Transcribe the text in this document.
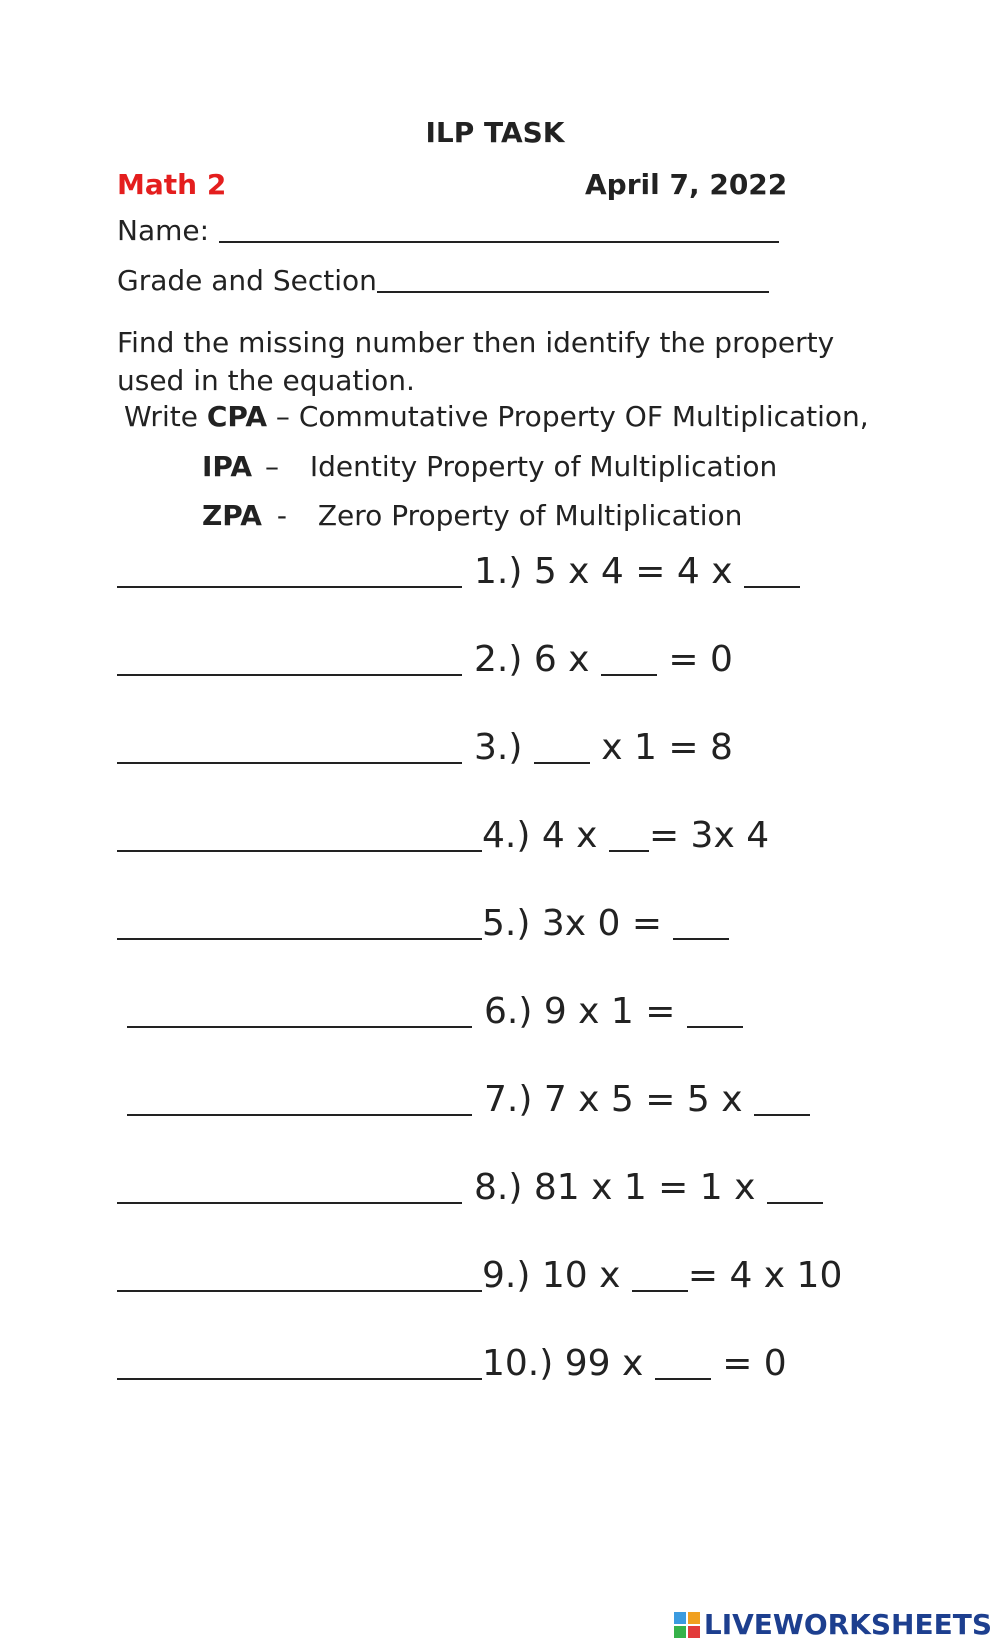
ILP TASK
Math 2	April 7, 2022
Name:
Grade and Section
Find the missing number then identify the property used in the equation.
Write CPA – Commutative Property OF Multiplication,
IPA – Identity Property of Multiplication
ZPA - Zero Property of Multiplication
1.) 5 x 4 = 4 x
2.) 6 x = 0
3.) x 1 = 8
4.) 4 x = 3x 4
5.) 3x 0 =
6.) 9 x 1 =
7.) 7 x 5 = 5 x
8.) 81 x 1 = 1 x
9.) 10 x = 4 x 10
10.) 99 x = 0
LIVEWORKSHEETS
